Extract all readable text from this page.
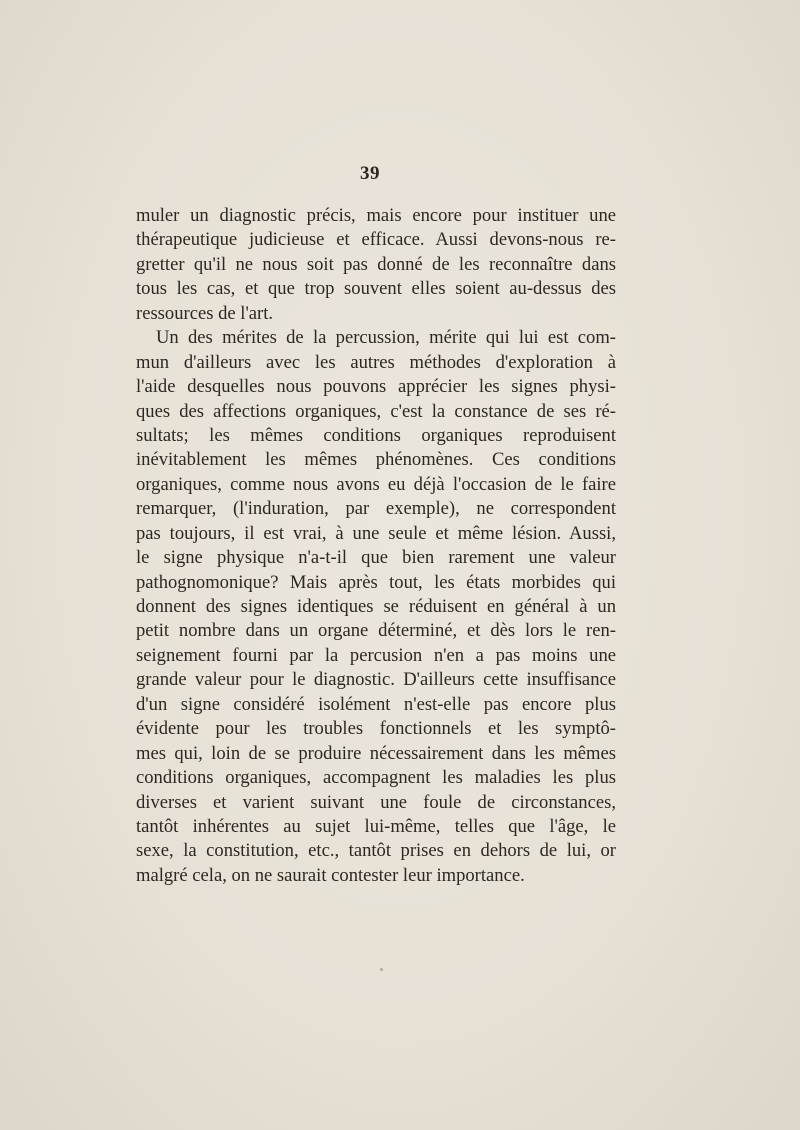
39
muler un diagnostic précis, mais encore pour instituer une
thérapeutique judicieuse et efficace. Aussi devons-nous re-
gretter qu'il ne nous soit pas donné de les reconnaître dans
tous les cas, et que trop souvent elles soient au-dessus des
ressources de l'art.
Un des mérites de la percussion, mérite qui lui est com-
mun d'ailleurs avec les autres méthodes d'exploration à
l'aide desquelles nous pouvons apprécier les signes physi-
ques des affections organiques, c'est la constance de ses ré-
sultats; les mêmes conditions organiques reproduisent
inévitablement les mêmes phénomènes. Ces conditions
organiques, comme nous avons eu déjà l'occasion de le faire
remarquer, (l'induration, par exemple), ne correspondent
pas toujours, il est vrai, à une seule et même lésion. Aussi,
le signe physique n'a-t-il que bien rarement une valeur
pathognomonique? Mais après tout, les états morbides qui
donnent des signes identiques se réduisent en général à un
petit nombre dans un organe déterminé, et dès lors le ren-
seignement fourni par la percusion n'en a pas moins une
grande valeur pour le diagnostic. D'ailleurs cette insuffisance
d'un signe considéré isolément n'est-elle pas encore plus
évidente pour les troubles fonctionnels et les symptô-
mes qui, loin de se produire nécessairement dans les mêmes
conditions organiques, accompagnent les maladies les plus
diverses et varient suivant une foule de circonstances,
tantôt inhérentes au sujet lui-même, telles que l'âge, le
sexe, la constitution, etc., tantôt prises en dehors de lui, or
malgré cela, on ne saurait contester leur importance.
